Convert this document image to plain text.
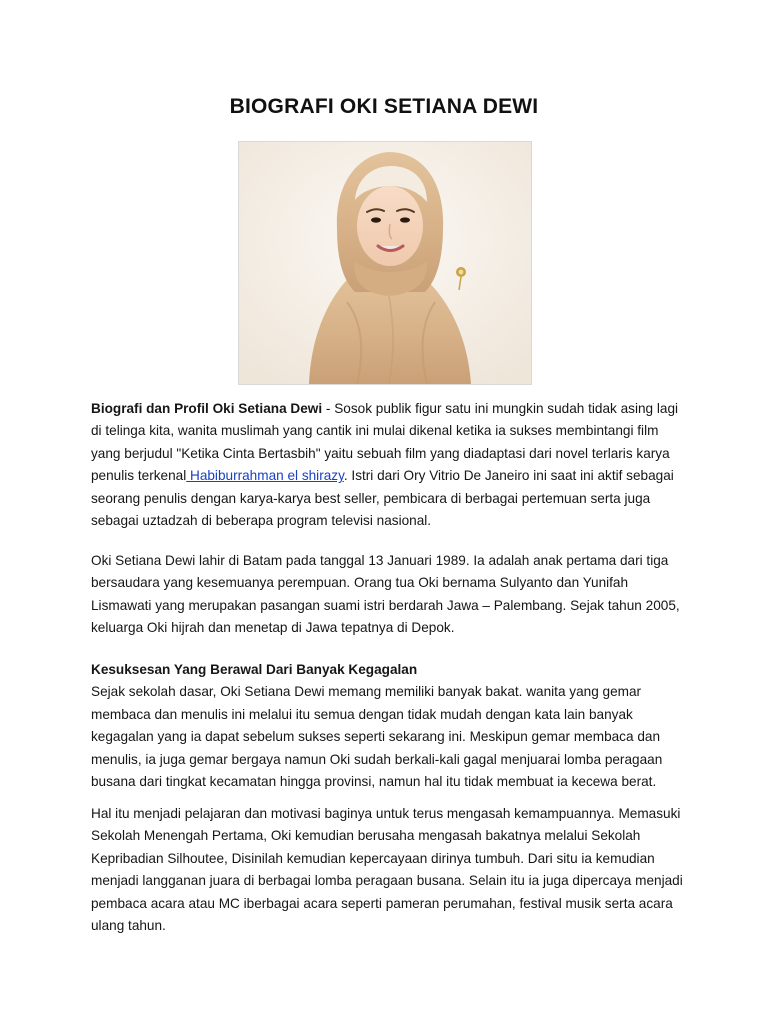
BIOGRAFI OKI SETIANA DEWI

Biografi dan Profil Oki Setiana Dewi - Sosok publik figur satu ini mungkin sudah tidak asing lagi di telinga kita, wanita muslimah yang cantik ini mulai dikenal ketika ia sukses membintangi film yang berjudul "Ketika Cinta Bertasbih" yaitu sebuah film yang diadaptasi dari novel terlaris karya penulis terkenal Habiburrahman el shirazy. Istri dari Ory Vitrio De Janeiro ini saat ini aktif sebagai seorang penulis dengan karya-karya best seller, pembicara di berbagai pertemuan serta juga sebagai uztadzah di beberapa program televisi nasional.

Oki Setiana Dewi lahir di Batam pada tanggal 13 Januari 1989. Ia adalah anak pertama dari tiga bersaudara yang kesemuanya perempuan. Orang tua Oki bernama Sulyanto dan Yunifah Lismawati yang merupakan pasangan suami istri berdarah Jawa – Palembang. Sejak tahun 2005, keluarga Oki hijrah dan menetap di Jawa tepatnya di Depok.

Kesuksesan Yang Berawal Dari Banyak Kegagalan

Sejak sekolah dasar, Oki Setiana Dewi memang memiliki banyak bakat. wanita yang gemar membaca dan menulis ini melalui itu semua dengan tidak mudah dengan kata lain banyak kegagalan yang ia dapat sebelum sukses seperti sekarang ini. Meskipun gemar membaca dan menulis, ia juga gemar bergaya namun Oki sudah berkali-kali gagal menjuarai lomba peragaan busana dari tingkat kecamatan hingga provinsi, namun hal itu tidak membuat ia kecewa berat.

Hal itu menjadi pelajaran dan motivasi baginya untuk terus mengasah kemampuannya. Memasuki Sekolah Menengah Pertama, Oki kemudian berusaha mengasah bakatnya melalui Sekolah Kepribadian Silhoutee, Disinilah kemudian kepercayaan dirinya tumbuh. Dari situ ia kemudian menjadi langganan juara di berbagai lomba peragaan busana. Selain itu ia juga dipercaya menjadi pembaca acara atau MC iberbagai acara seperti pameran perumahan, festival musik serta acara ulang tahun.
